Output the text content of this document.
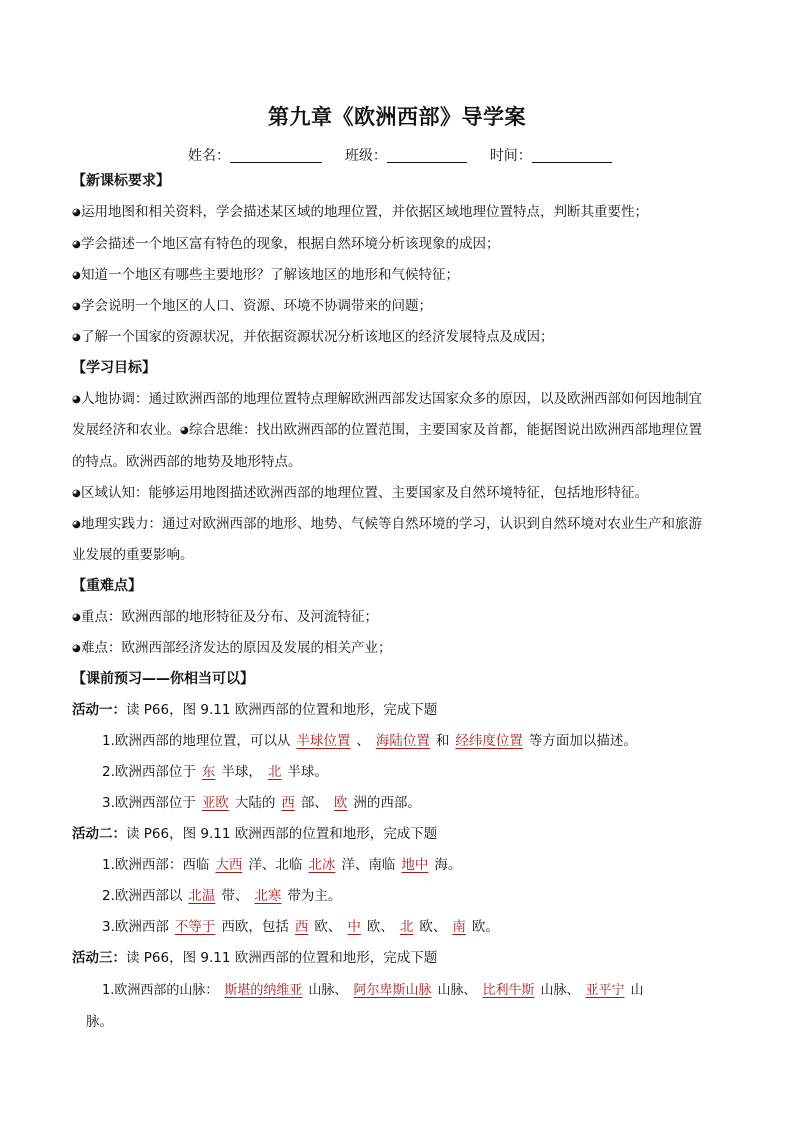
第九章《欧洲西部》导学案
姓名：	班级：	时间：
【新课标要求】
◕运用地图和相关资料，学会描述某区域的地理位置，并依据区域地理位置特点，判断其重要性；
◕学会描述一个地区富有特色的现象，根据自然环境分析该现象的成因；
◕知道一个地区有哪些主要地形？了解该地区的地形和气候特征；
◕学会说明一个地区的人口、资源、环境不协调带来的问题；
◕了解一个国家的资源状况，并依据资源状况分析该地区的经济发展特点及成因；
【学习目标】
◕人地协调：通过欧洲西部的地理位置特点理解欧洲西部发达国家众多的原因，以及欧洲西部如何因地制宜
发展经济和农业。◕综合思维：找出欧洲西部的位置范围，主要国家及首都，能据图说出欧洲西部地理位置
的特点。欧洲西部的地势及地形特点。
◕区域认知：能够运用地图描述欧洲西部的地理位置、主要国家及自然环境特征，包括地形特征。
◕地理实践力：通过对欧洲西部的地形、地势、气候等自然环境的学习，认识到自然环境对农业生产和旅游
业发展的重要影响。
【重难点】
◕重点：欧洲西部的地形特征及分布、及河流特征；
◕难点：欧洲西部经济发达的原因及发展的相关产业；
【课前预习——你相当可以】
活动一：读 P66，图 9.11 欧洲西部的位置和地形，完成下题
1.欧洲西部的地理位置，可以从 半球位置 、 海陆位置 和 经纬度位置 等方面加以描述。
2.欧洲西部位于 东 半球， 北 半球。
3.欧洲西部位于 亚欧 大陆的 西 部、 欧 洲的西部。
活动二：读 P66，图 9.11 欧洲西部的位置和地形，完成下题
1.欧洲西部：西临 大西 洋、北临 北冰 洋、南临 地中 海。
2.欧洲西部以 北温 带、 北寒 带为主。
3.欧洲西部 不等于 西欧，包括 西 欧、 中 欧、 北 欧、 南 欧。
活动三：读 P66，图 9.11 欧洲西部的位置和地形，完成下题
1.欧洲西部的山脉： 斯堪的纳维亚 山脉、 阿尔卑斯山脉 山脉、 比利牛斯 山脉、 亚平宁 山
脉。
